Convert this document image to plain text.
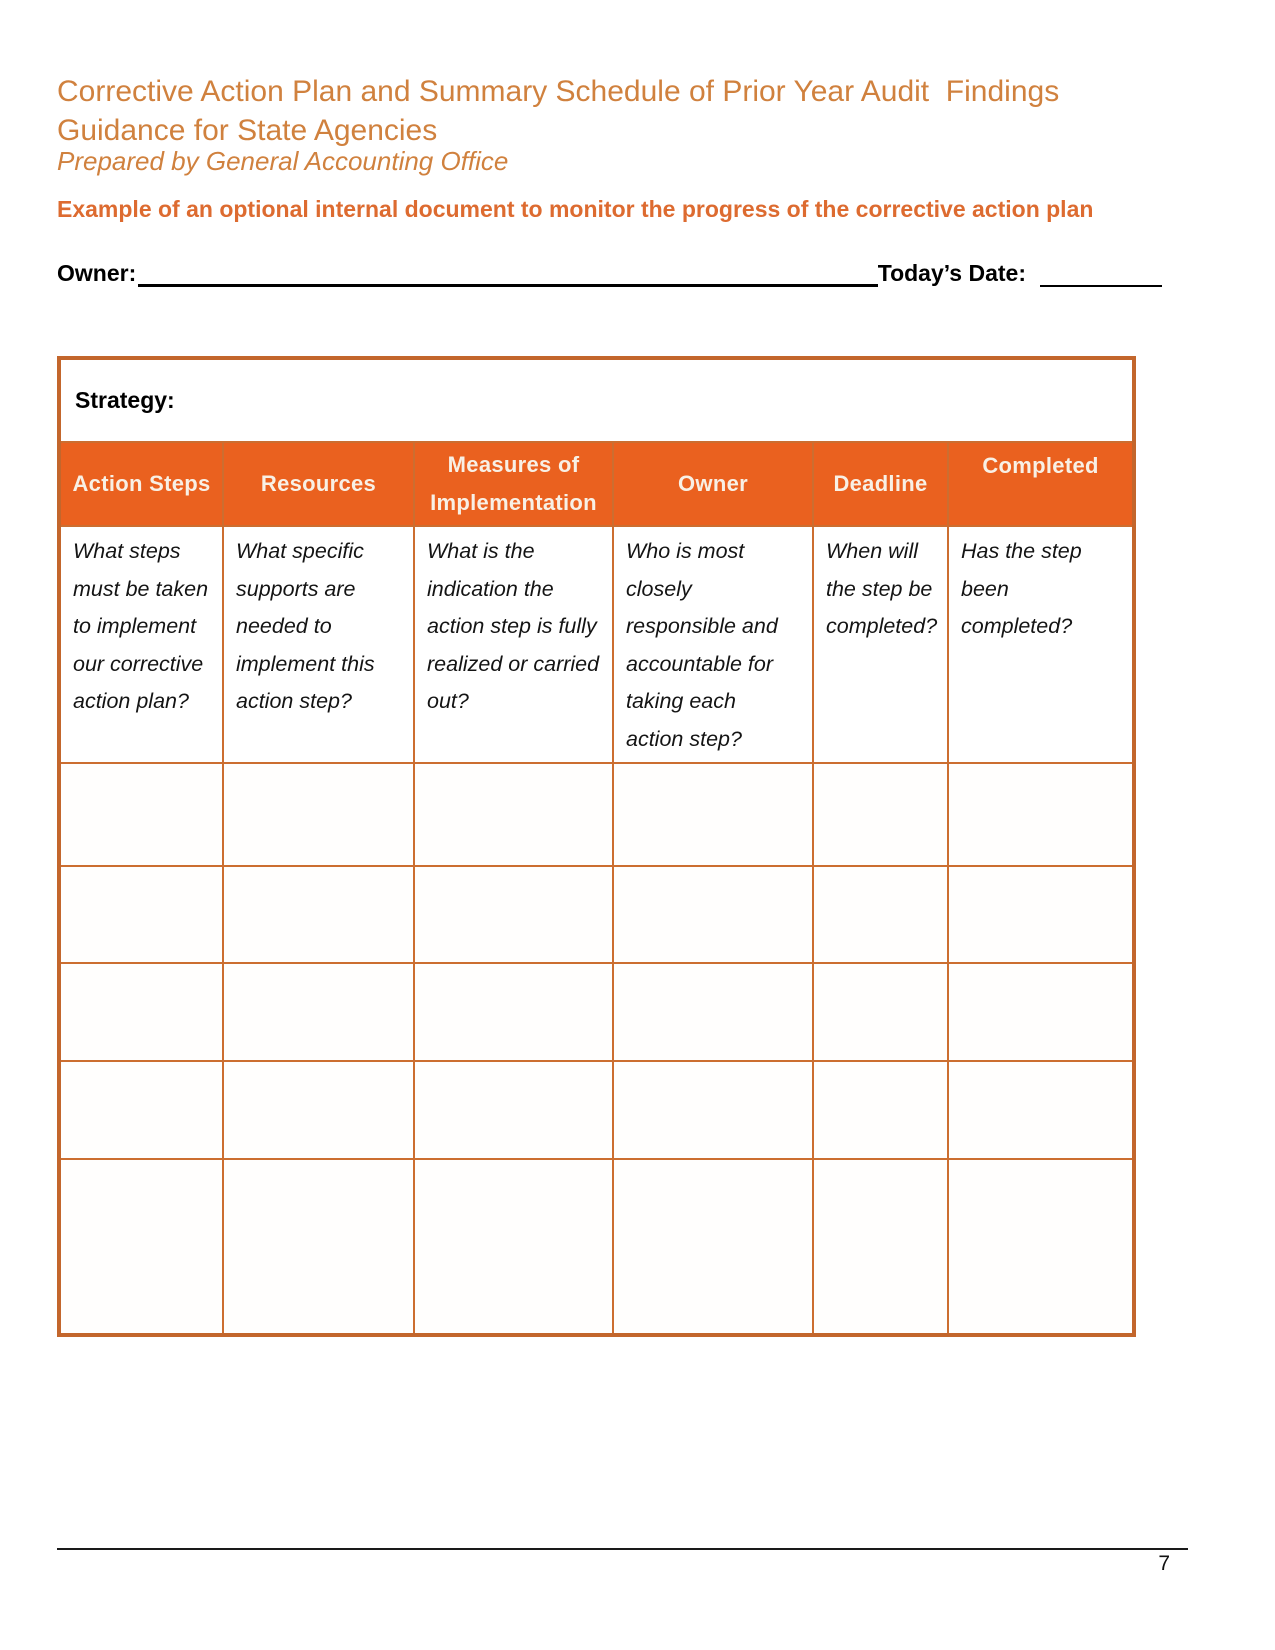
Corrective Action Plan and Summary Schedule of Prior Year Audit  Findings
Guidance for State Agencies
Prepared by General Accounting Office
Example of an optional internal document to monitor the progress of the corrective action plan
Owner:	Today’s Date:
Strategy:					
Action Steps	Resources	Measures of Implementation	Owner	Deadline	Completed

What steps must be taken to implement our corrective action plan?	What specific supports are needed to implement this action step?	What is the indication the action step is fully realized or carried out?	Who is most closely responsible and accountable for taking each action step?	When will the step be completed?	Has the step been completed?

7
